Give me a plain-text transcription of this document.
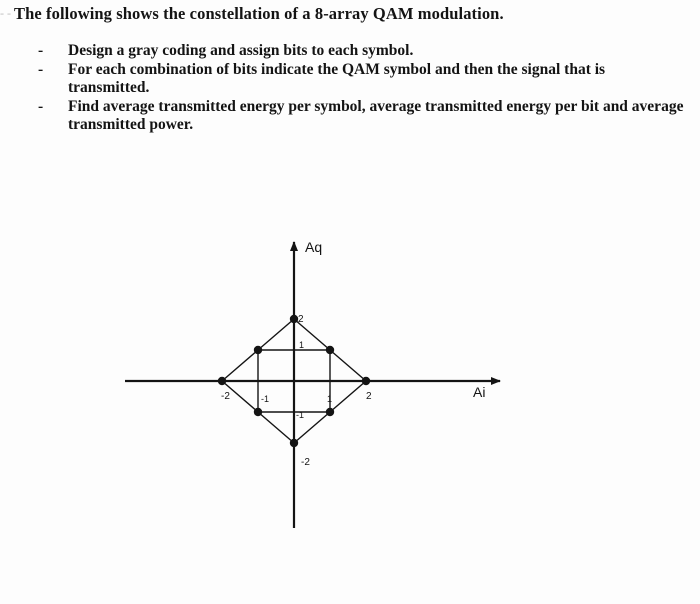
- - The following shows the constellation of a 8-array QAM modulation.
-	Design a gray coding and assign bits to each symbol.
-	For each combination of bits indicate the QAM symbol and then the signal that is transmitted.
-	Find average transmitted energy per symbol, average transmitted energy per bit and average transmitted power.
Aq
Ai
-2	-1	1	2
2
1
-1
-2
